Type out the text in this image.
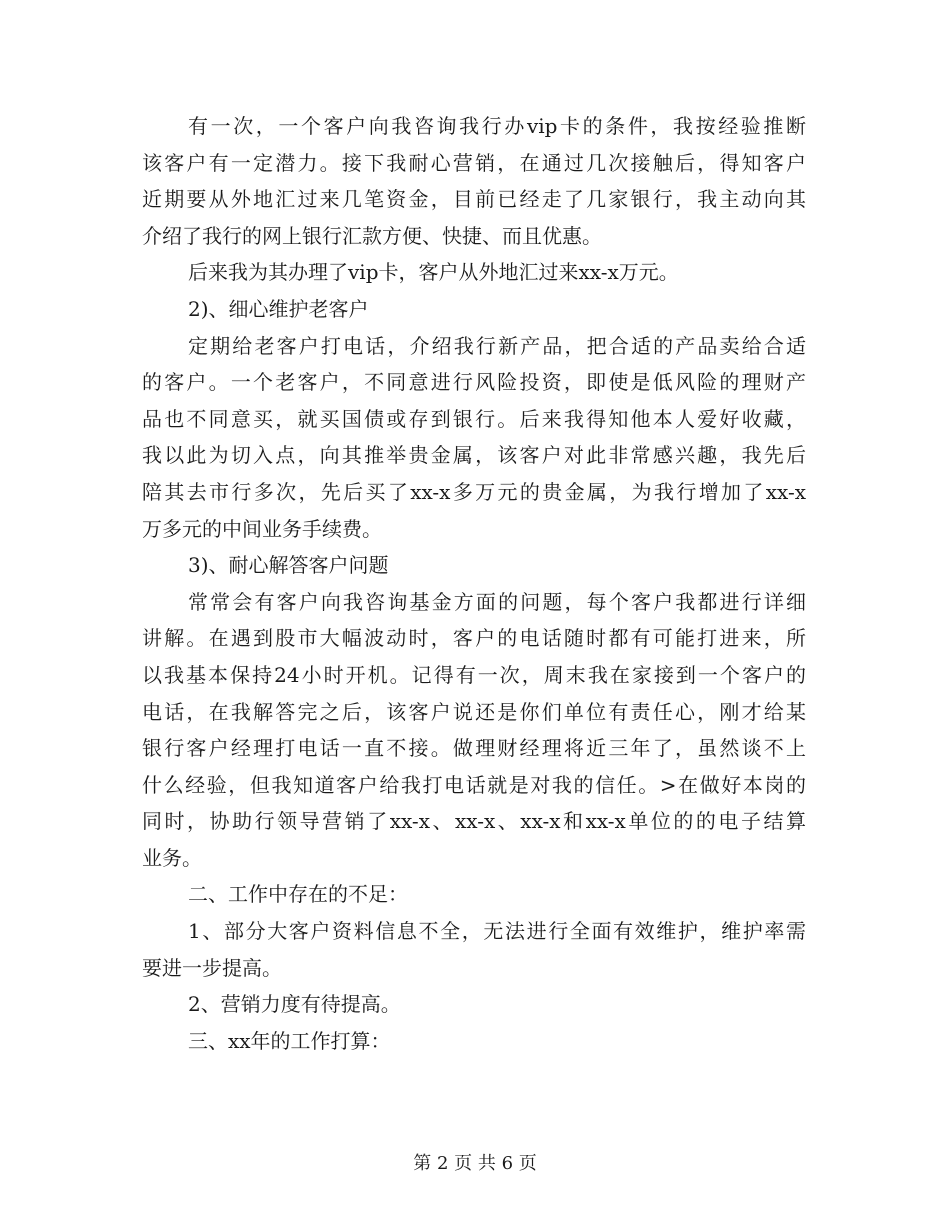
有一次，一个客户向我咨询我行办vip卡的条件，我按经验推断
该客户有一定潜力。接下我耐心营销，在通过几次接触后，得知客户
近期要从外地汇过来几笔资金，目前已经走了几家银行，我主动向其
介绍了我行的网上银行汇款方便、快捷、而且优惠。
后来我为其办理了vip卡，客户从外地汇过来xx-x万元。
2)、细心维护老客户
定期给老客户打电话，介绍我行新产品，把合适的产品卖给合适
的客户。一个老客户，不同意进行风险投资，即使是低风险的理财产
品也不同意买，就买国债或存到银行。后来我得知他本人爱好收藏，
我以此为切入点，向其推举贵金属，该客户对此非常感兴趣，我先后
陪其去市行多次，先后买了xx-x多万元的贵金属，为我行增加了xx-x
万多元的中间业务手续费。
3)、耐心解答客户问题
常常会有客户向我咨询基金方面的问题，每个客户我都进行详细
讲解。在遇到股市大幅波动时，客户的电话随时都有可能打进来，所
以我基本保持24小时开机。记得有一次，周末我在家接到一个客户的
电话，在我解答完之后，该客户说还是你们单位有责任心，刚才给某
银行客户经理打电话一直不接。做理财经理将近三年了，虽然谈不上
什么经验，但我知道客户给我打电话就是对我的信任。>在做好本岗的
同时，协助行领导营销了xx-x、xx-x、xx-x和xx-x单位的的电子结算
业务。
二、工作中存在的不足：
1、部分大客户资料信息不全，无法进行全面有效维护，维护率需
要进一步提高。
2、营销力度有待提高。
三、xx年的工作打算：
第 2 页 共 6 页
